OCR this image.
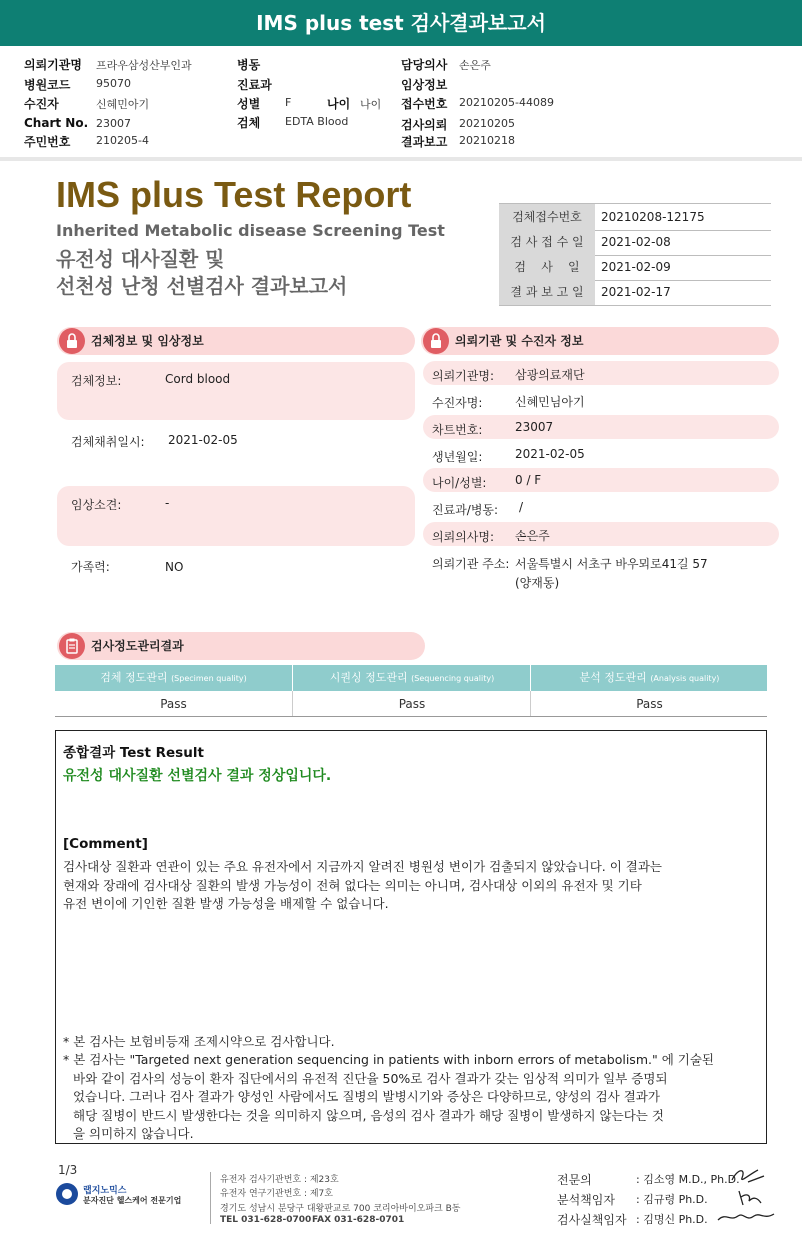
IMS plus test 검사결과보고서
의뢰기관명 프라우삼성산부인과
병원코드 95070
수진자	신혜민아기
Chart No. 23007
주민번호 210205-4
병동
진료과
성별 F	나이 나이
검체 EDTA Blood
담당의사 손은주
임상정보
접수번호 20210205-44089
검사의뢰 20210205
결과보고 20210218
IMS plus Test Report
Inherited Metabolic disease Screening Test
유전성 대사질환 및
선천성 난청 선별검사 결과보고서
검체접수번호	20210208-12175
검 사 접 수 일	2021-02-08
검    사    일	2021-02-09
결 과 보 고 일	2021-02-17
검체정보 및 임상정보
검체정보:	Cord blood
검체채취일시: 2021-02-05
임상소견:	-
가족력:	NO
의뢰기관 및 수진자 정보
의뢰기관명: 삼광의료재단
수진자명:	신혜민님아기
차트번호:	23007
생년월일:	2021-02-05
나이/성별: 0 / F
진료과/병동: /
의뢰의사명: 손은주
의뢰기관 주소: 서울특별시 서초구 바우뫼로41길 57
(양재동)
검사정도관리결과
검체 정도관리 (Specimen quality)	시퀀싱 정도관리 (Sequencing quality)	분석 정도관리 (Analysis quality)
Pass	Pass	Pass
종합결과 Test Result
유전성 대사질환 선별검사 결과 정상입니다.
[Comment]
검사대상 질환과 연관이 있는 주요 유전자에서 지금까지 알려진 병원성 변이가 검출되지 않았습니다. 이 결과는
현재와 장래에 검사대상 질환의 발생 가능성이 전혀 없다는 의미는 아니며, 검사대상 이외의 유전자 및 기타
유전 변이에 기인한 질환 발생 가능성을 배제할 수 없습니다.
* 본 검사는 보험비등재 조제시약으로 검사합니다.
* 본 검사는 "Targeted next generation sequencing in patients with inborn errors of metabolism." 에 기술된
바와 같이 검사의 성능이 환자 집단에서의 유전적 진단율 50%로 검사 결과가 갖는 임상적 의미가 일부 증명되
었습니다. 그러나 검사 결과가 양성인 사람에서도 질병의 발병시기와 증상은 다양하므로, 양성의 검사 결과가
해당 질병이 반드시 발생한다는 것을 의미하지 않으며, 음성의 검사 결과가 해당 질병이 발생하지 않는다는 것
을 의미하지 않습니다.
1/3
랩지노믹스
분자진단 헬스케어 전문기업
유전자 검사기관번호 : 제23호
유전자 연구기관번호 : 제7호
경기도 성남시 분당구 대왕판교로 700 코리아바이오파크 B동
TEL 031-628-0700 FAX 031-628-0701
전문의	: 김소영 M.D., Ph.D.
분석책임자 : 김규령 Ph.D.
검사실책임자 : 김명신 Ph.D.
